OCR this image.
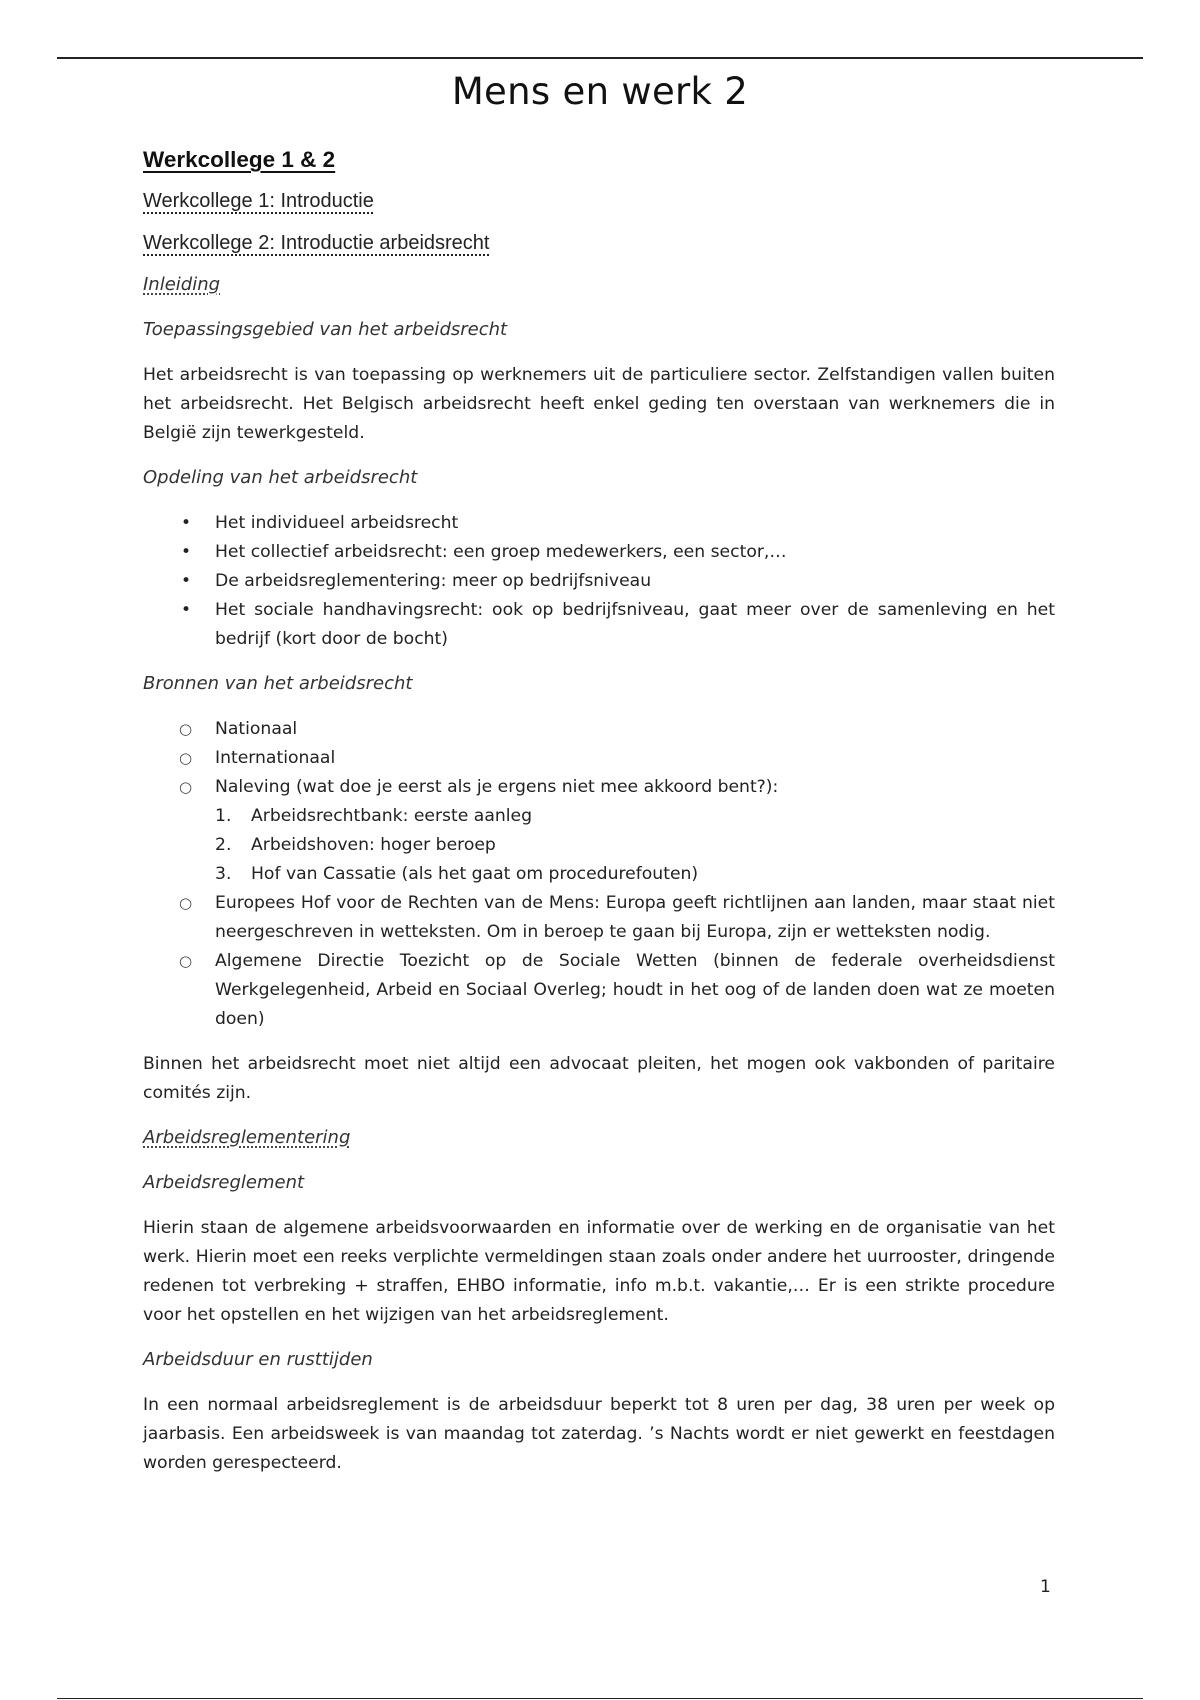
Mens en werk 2
Werkcollege 1 & 2
Werkcollege 1: Introductie
Werkcollege 2: Introductie arbeidsrecht
Inleiding
Toepassingsgebied van het arbeidsrecht
Het arbeidsrecht is van toepassing op werknemers uit de particuliere sector. Zelfstandigen vallen buiten het arbeidsrecht. Het Belgisch arbeidsrecht heeft enkel geding ten overstaan van werknemers die in België zijn tewerkgesteld.
Opdeling van het arbeidsrecht
• Het individueel arbeidsrecht
• Het collectief arbeidsrecht: een groep medewerkers, een sector,…
• De arbeidsreglementering: meer op bedrijfsniveau
• Het sociale handhavingsrecht: ook op bedrijfsniveau, gaat meer over de samenleving en het bedrijf (kort door de bocht)
Bronnen van het arbeidsrecht
○ Nationaal
○ Internationaal
○ Naleving (wat doe je eerst als je ergens niet mee akkoord bent?):
1. Arbeidsrechtbank: eerste aanleg
2. Arbeidshoven: hoger beroep
3. Hof van Cassatie (als het gaat om procedurefouten)
○ Europees Hof voor de Rechten van de Mens: Europa geeft richtlijnen aan landen, maar staat niet neergeschreven in wetteksten. Om in beroep te gaan bij Europa, zijn er wetteksten nodig.
○ Algemene Directie Toezicht op de Sociale Wetten (binnen de federale overheidsdienst Werkgelegenheid, Arbeid en Sociaal Overleg; houdt in het oog of de landen doen wat ze moeten doen)
Binnen het arbeidsrecht moet niet altijd een advocaat pleiten, het mogen ook vakbonden of paritaire comités zijn.
Arbeidsreglementering
Arbeidsreglement
Hierin staan de algemene arbeidsvoorwaarden en informatie over de werking en de organisatie van het werk. Hierin moet een reeks verplichte vermeldingen staan zoals onder andere het uurrooster, dringende redenen tot verbreking + straffen, EHBO informatie, info m.b.t. vakantie,… Er is een strikte procedure voor het opstellen en het wijzigen van het arbeidsreglement.
Arbeidsduur en rusttijden
In een normaal arbeidsreglement is de arbeidsduur beperkt tot 8 uren per dag, 38 uren per week op jaarbasis. Een arbeidsweek is van maandag tot zaterdag. ’s Nachts wordt er niet gewerkt en feestdagen worden gerespecteerd.
1
